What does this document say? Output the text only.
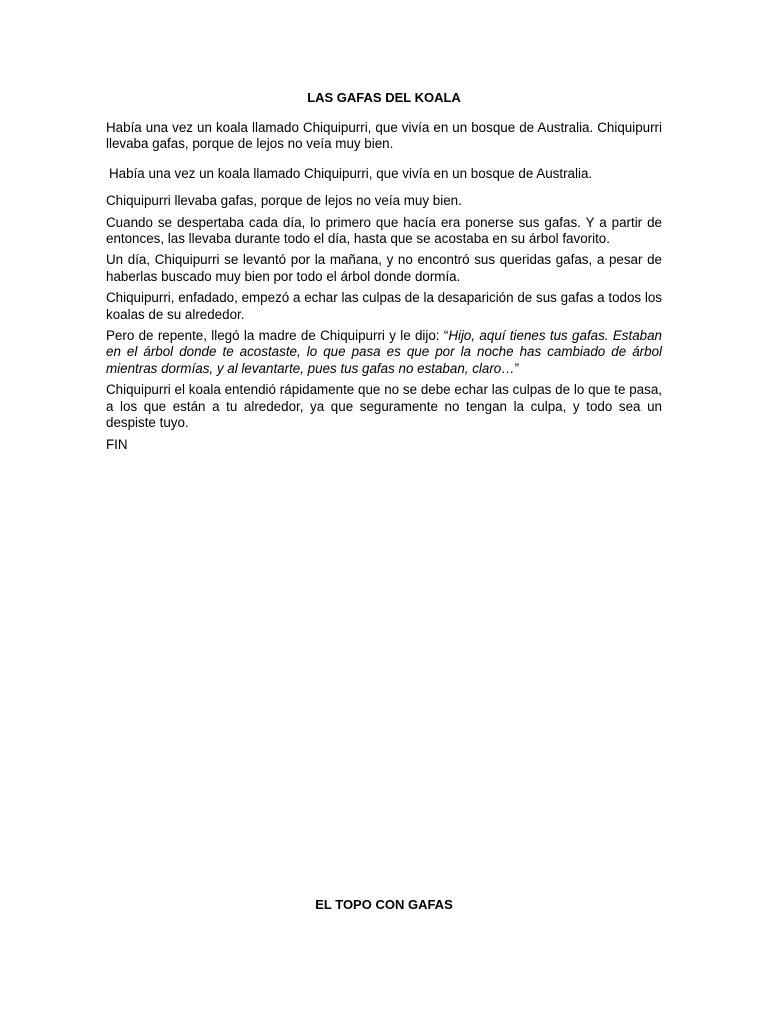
LAS GAFAS DEL KOALA

Había una vez un koala llamado Chiquipurri, que vivía en un bosque de Australia. Chiquipurri llevaba gafas, porque de lejos no veía muy bien.

Había una vez un koala llamado Chiquipurri, que vivía en un bosque de Australia.

Chiquipurri llevaba gafas, porque de lejos no veía muy bien.

Cuando se despertaba cada día, lo primero que hacía era ponerse sus gafas. Y a partir de entonces, las llevaba durante todo el día, hasta que se acostaba en su árbol favorito.

Un día, Chiquipurri se levantó por la mañana, y no encontró sus queridas gafas, a pesar de haberlas buscado muy bien por todo el árbol donde dormía.

Chiquipurri, enfadado, empezó a echar las culpas de la desaparición de sus gafas a todos los koalas de su alrededor.

Pero de repente, llegó la madre de Chiquipurri y le dijo: “Hijo, aquí tienes tus gafas. Estaban en el árbol donde te acostaste, lo que pasa es que por la noche has cambiado de árbol mientras dormías, y al levantarte, pues tus gafas no estaban, claro…”

Chiquipurri el koala entendió rápidamente que no se debe echar las culpas de lo que te pasa, a los que están a tu alrededor, ya que seguramente no tengan la culpa, y todo sea un despiste tuyo.

FIN

EL TOPO CON GAFAS
